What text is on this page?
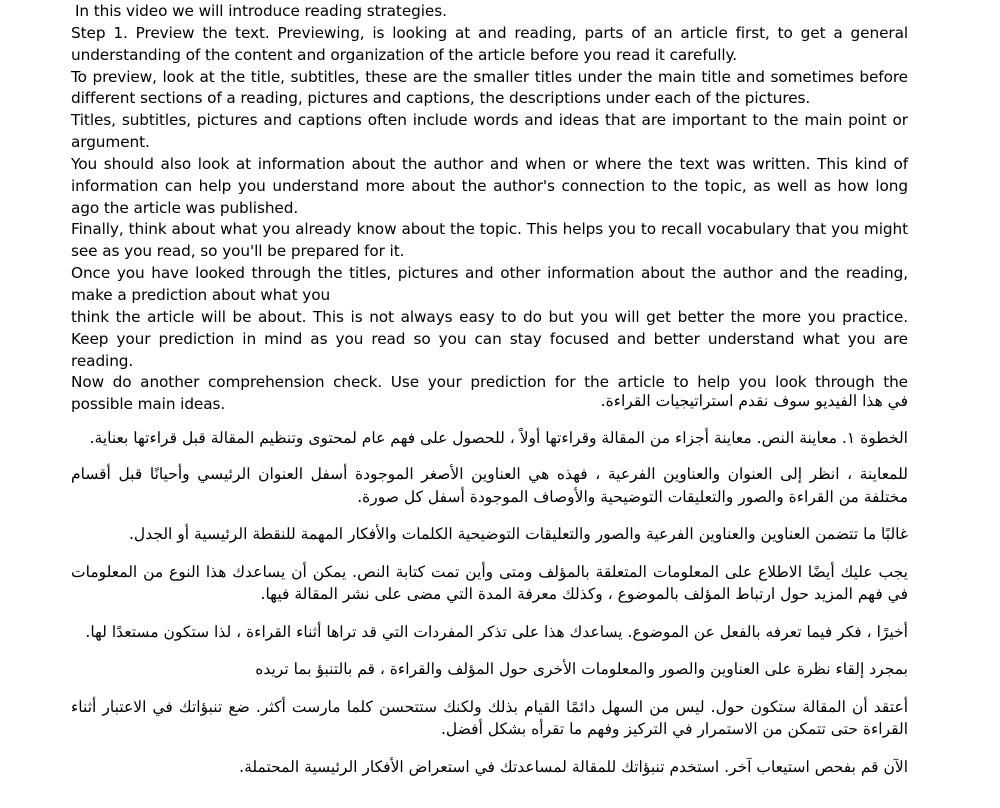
In this video we will introduce reading strategies.

Step 1. Preview the text. Previewing, is looking at and reading, parts of an article first, to get a general understanding of the content and organization of the article before you read it carefully.

To preview, look at the title, subtitles, these are the smaller titles under the main title and sometimes before different sections of a reading, pictures and captions, the descriptions under each of the pictures.

Titles, subtitles, pictures and captions often include words and ideas that are important to the main point or argument.

You should also look at information about the author and when or where the text was written. This kind of information can help you understand more about the author's connection to the topic, as well as how long ago the article was published.

Finally, think about what you already know about the topic. This helps you to recall vocabulary that you might see as you read, so you'll be prepared for it.

Once you have looked through the titles, pictures and other information about the author and the reading, make a prediction about what you

think the article will be about. This is not always easy to do but you will get better the more you practice. Keep your prediction in mind as you read so you can stay focused and better understand what you are reading.

Now do another comprehension check. Use your prediction for the article to help you look through the possible main ideas.	في هذا الفيديو سوف نقدم استراتيجيات القراءة.

الخطوة ١. معاينة النص. معاينة أجزاء من المقالة وقراءتها أولاً ، للحصول على فهم عام لمحتوى وتنظيم المقالة قبل قراءتها بعناية.

للمعاينة ، انظر إلى العنوان والعناوين الفرعية ، فهذه هي العناوين الأصغر الموجودة أسفل العنوان الرئيسي وأحيانًا قبل أقسام مختلفة من القراءة والصور والتعليقات التوضيحية والأوصاف الموجودة أسفل كل صورة.

غالبًا ما تتضمن العناوين والعناوين الفرعية والصور والتعليقات التوضيحية الكلمات والأفكار المهمة للنقطة الرئيسية أو الجدل.

يجب عليك أيضًا الاطلاع على المعلومات المتعلقة بالمؤلف ومتى وأين تمت كتابة النص. يمكن أن يساعدك هذا النوع من المعلومات في فهم المزيد حول ارتباط المؤلف بالموضوع ، وكذلك معرفة المدة التي مضى على نشر المقالة فيها.

أخيرًا ، فكر فيما تعرفه بالفعل عن الموضوع. يساعدك هذا على تذكر المفردات التي قد تراها أثناء القراءة ، لذا ستكون مستعدًا لها.

بمجرد إلقاء نظرة على العناوين والصور والمعلومات الأخرى حول المؤلف والقراءة ، قم بالتنبؤ بما تريده

أعتقد أن المقالة ستكون حول. ليس من السهل دائمًا القيام بذلك ولكنك ستتحسن كلما مارست أكثر. ضع تنبؤاتك في الاعتبار أثناء القراءة حتى تتمكن من الاستمرار في التركيز وفهم ما تقرأه بشكل أفضل.

الآن قم بفحص استيعاب آخر. استخدم تنبؤاتك للمقالة لمساعدتك في استعراض الأفكار الرئيسية المحتملة.
